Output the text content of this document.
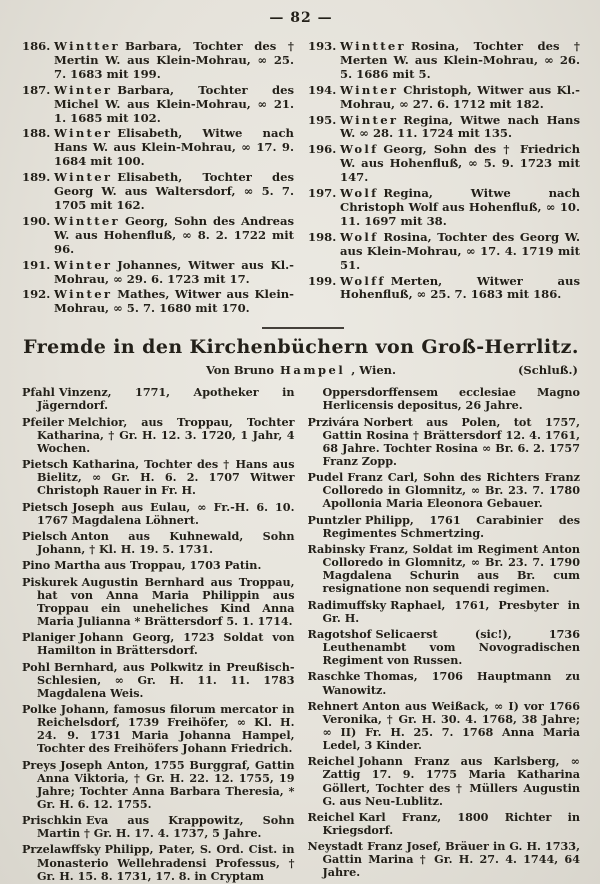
— 82 —
186. Wintter Barbara, Tochter des † Mertin W. aus Klein-Mohrau, ∞ 25. 7. 1683 mit 199.
187. Winter Barbara, Tochter des Michel W. aus Klein-Mohrau, ∞ 21. 1. 1685 mit 102.
188. Winter Elisabeth, Witwe nach Hans W. aus Klein-Mohrau, ∞ 17. 9. 1684 mit 100.
189. Winter Elisabeth, Tochter des Georg W. aus Waltersdorf, ∞ 5. 7. 1705 mit 162.
190. Wintter Georg, Sohn des Andreas W. aus Hohenfluß, ∞ 8. 2. 1722 mit 96.
191. Winter Johannes, Witwer aus Kl.-Mohrau, ∞ 29. 6. 1723 mit 17.
192. Winter Mathes, Witwer aus Klein-Mohrau, ∞ 5. 7. 1680 mit 170.
193. Wintter Rosina, Tochter des † Merten W. aus Klein-Mohrau, ∞ 26. 5. 1686 mit 5.
194. Winter Christoph, Witwer aus Kl.-Mohrau, ∞ 27. 6. 1712 mit 182.
195. Winter Regina, Witwe nach Hans W. ∞ 28. 11. 1724 mit 135.
196. Wolf Georg, Sohn des † Friedrich W. aus Hohenfluß, ∞ 5. 9. 1723 mit 147.
197. Wolf Regina, Witwe nach Christoph Wolf aus Hohenfluß, ∞ 10. 11. 1697 mit 38.
198. Wolf Rosina, Tochter des Georg W. aus Klein-Mohrau, ∞ 17. 4. 1719 mit 51.
199. Wolff Merten, Witwer aus Hohenfluß, ∞ 25. 7. 1683 mit 186.
Fremde in den Kirchenbüchern von Groß-Herrlitz.
Von Bruno Hampel , Wien.	(Schluß.)
Pfahl Vinzenz, 1771, Apotheker in Jägerndorf.
Pfeiler Melchior, aus Troppau, Tochter Katharina, † Gr. H. 12. 3. 1720, 1 Jahr, 4 Wochen.
Pietsch Katharina, Tochter des † Hans aus Bielitz, ∞ Gr. H. 6. 2. 1707 Witwer Christoph Rauer in Fr. H.
Pietsch Joseph aus Eulau, ∞ Fr.-H. 6. 10. 1767 Magdalena Löhnert.
Pielsch Anton aus Kuhnewald, Sohn Johann, † Kl. H. 19. 5. 1731.
Pino Martha aus Troppau, 1703 Patin.
Piskurek Augustin Bernhard aus Troppau, hat von Anna Maria Philippin aus Troppau ein uneheliches Kind Anna Maria Julianna * Brättersdorf 5. 1. 1714.
Planiger Johann Georg, 1723 Soldat von Hamilton in Brättersdorf.
Pohl Bernhard, aus Polkwitz in Preußisch-Schlesien, ∞ Gr. H. 11. 11. 1783 Magdalena Weis.
Polke Johann, famosus filorum mercator in Reichelsdorf, 1739 Freihöfer, ∞ Kl. H. 24. 9. 1731 Maria Johanna Hampel, Tochter des Freihöfers Johann Friedrich.
Preys Joseph Anton, 1755 Burggraf, Gattin Anna Viktoria, † Gr. H. 22. 12. 1755, 19 Jahre; Tochter Anna Barbara Theresia, * Gr. H. 6. 12. 1755.
Prischkin Eva aus Krappowitz, Sohn Martin † Gr. H. 17. 4. 1737, 5 Jahre.
Przelawffsky Philipp, Pater, S. Ord. Cist. in Monasterio Wellehradensi Professus, † Gr. H. 15. 8. 1731, 17. 8. in Cryptam
Oppersdorffensem ecclesiae Magno Herlicensis depositus, 26 Jahre.
Przivára Norbert aus Polen, tot 1757, Gattin Rosina † Brättersdorf 12. 4. 1761, 68 Jahre. Tochter Rosina ∞ Br. 6. 2. 1757 Franz Zopp.
Pudel Franz Carl, Sohn des Richters Franz Colloredo in Glomnitz, ∞ Br. 23. 7. 1780 Apollonia Maria Eleonora Gebauer.
Puntzler Philipp, 1761 Carabinier des Regimentes Schmertzing.
Rabinsky Franz, Soldat im Regiment Anton Colloredo in Glomnitz, ∞ Br. 23. 7. 1790 Magdalena Schurin aus Br. cum resignatione non sequendi regimen.
Radimuffsky Raphael, 1761, Presbyter in Gr. H.
Ragotshof Selicaerst (sic!), 1736 Leuthenambt vom Novogradischen Regiment von Russen.
Raschke Thomas, 1706 Hauptmann zu Wanowitz.
Rehnert Anton aus Weißack, ∞ I) vor 1766 Veronika, † Gr. H. 30. 4. 1768, 38 Jahre; ∞ II) Fr. H. 25. 7. 1768 Anna Maria Ledel, 3 Kinder.
Reichel Johann Franz aus Karlsberg, ∞ Zattig 17. 9. 1775 Maria Katharina Göllert, Tochter des † Müllers Augustin G. aus Neu-Lublitz.
Reichel Karl Franz, 1800 Richter in Kriegsdorf.
Neystadt Franz Josef, Bräuer in G. H. 1733, Gattin Marina † Gr. H. 27. 4. 1744, 64 Jahre.
